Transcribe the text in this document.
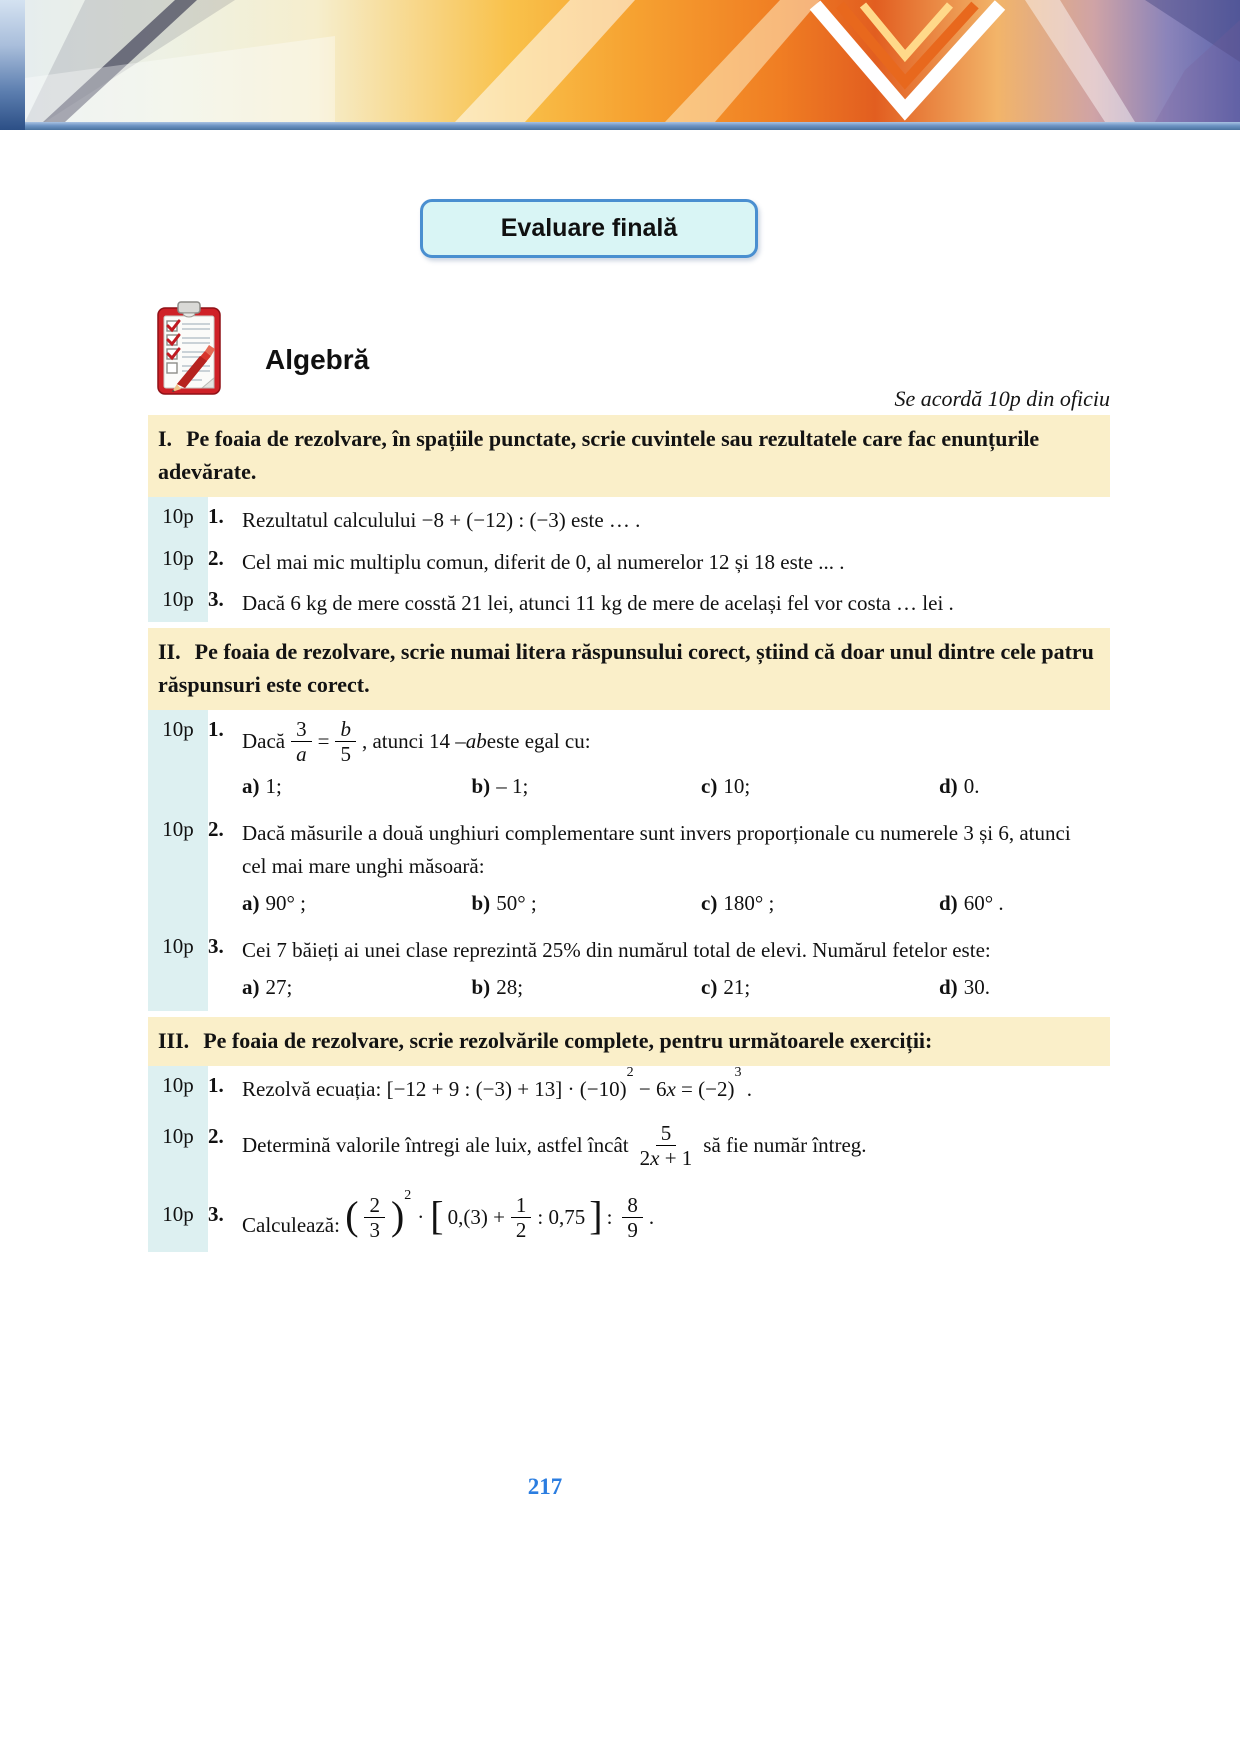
Evaluare finală
Algebră
Se acordă 10p din oficiu
I. Pe foaia de rezolvare, în spațiile punctate, scrie cuvintele sau rezultatele care fac enunțurile adevărate.
10p 1. Rezultatul calculului −8 + (−12) : (−3) este … .
10p 2. Cel mai mic multiplu comun, diferit de 0, al numerelor 12 și 18 este ... .
10p 3. Dacă 6 kg de mere cosstă 21 lei, atunci 11 kg de mere de același fel vor costa … lei .
II. Pe foaia de rezolvare, scrie numai litera răspunsului corect, știind că doar unul dintre cele patru răspunsuri este corect.
10p 1.
Dacă $\frac{3}{a} = \frac{b}{5}$ , atunci 14 – ab este egal cu:
a) 1;	b) – 1;	c) 10;	d) 0.
10p 2. Dacă măsurile a două unghiuri complementare sunt invers proporționale cu numerele 3 și 6, atunci cel mai mare unghi măsoară:
a) 90° ;	b) 50° ;	c) 180° ;	d) 60° .
10p 3. Cei 7 băieți ai unei clase reprezintă 25% din numărul total de elevi. Numărul fetelor este:
a) 27;	b) 28;	c) 21;	d) 30.
III. Pe foaia de rezolvare, scrie rezolvările complete, pentru următoarele exerciții:
10p 1. Rezolvă ecuația: [−12 + 9 : $(-3) + 13] \cdot (-10)^2 - 6x = (-2)^3$ .
10p 2. Determină valorile întregi ale lui x , astfel încât $\frac{5}{2x + 1}$ să fie număr întreg.
10p 3. Calculează:
( $\frac{2}{3} )^2$
· [ $0,(3) + \frac{1}{2}$ : 0,75 ] : $\frac{8}{9}$ .
217
